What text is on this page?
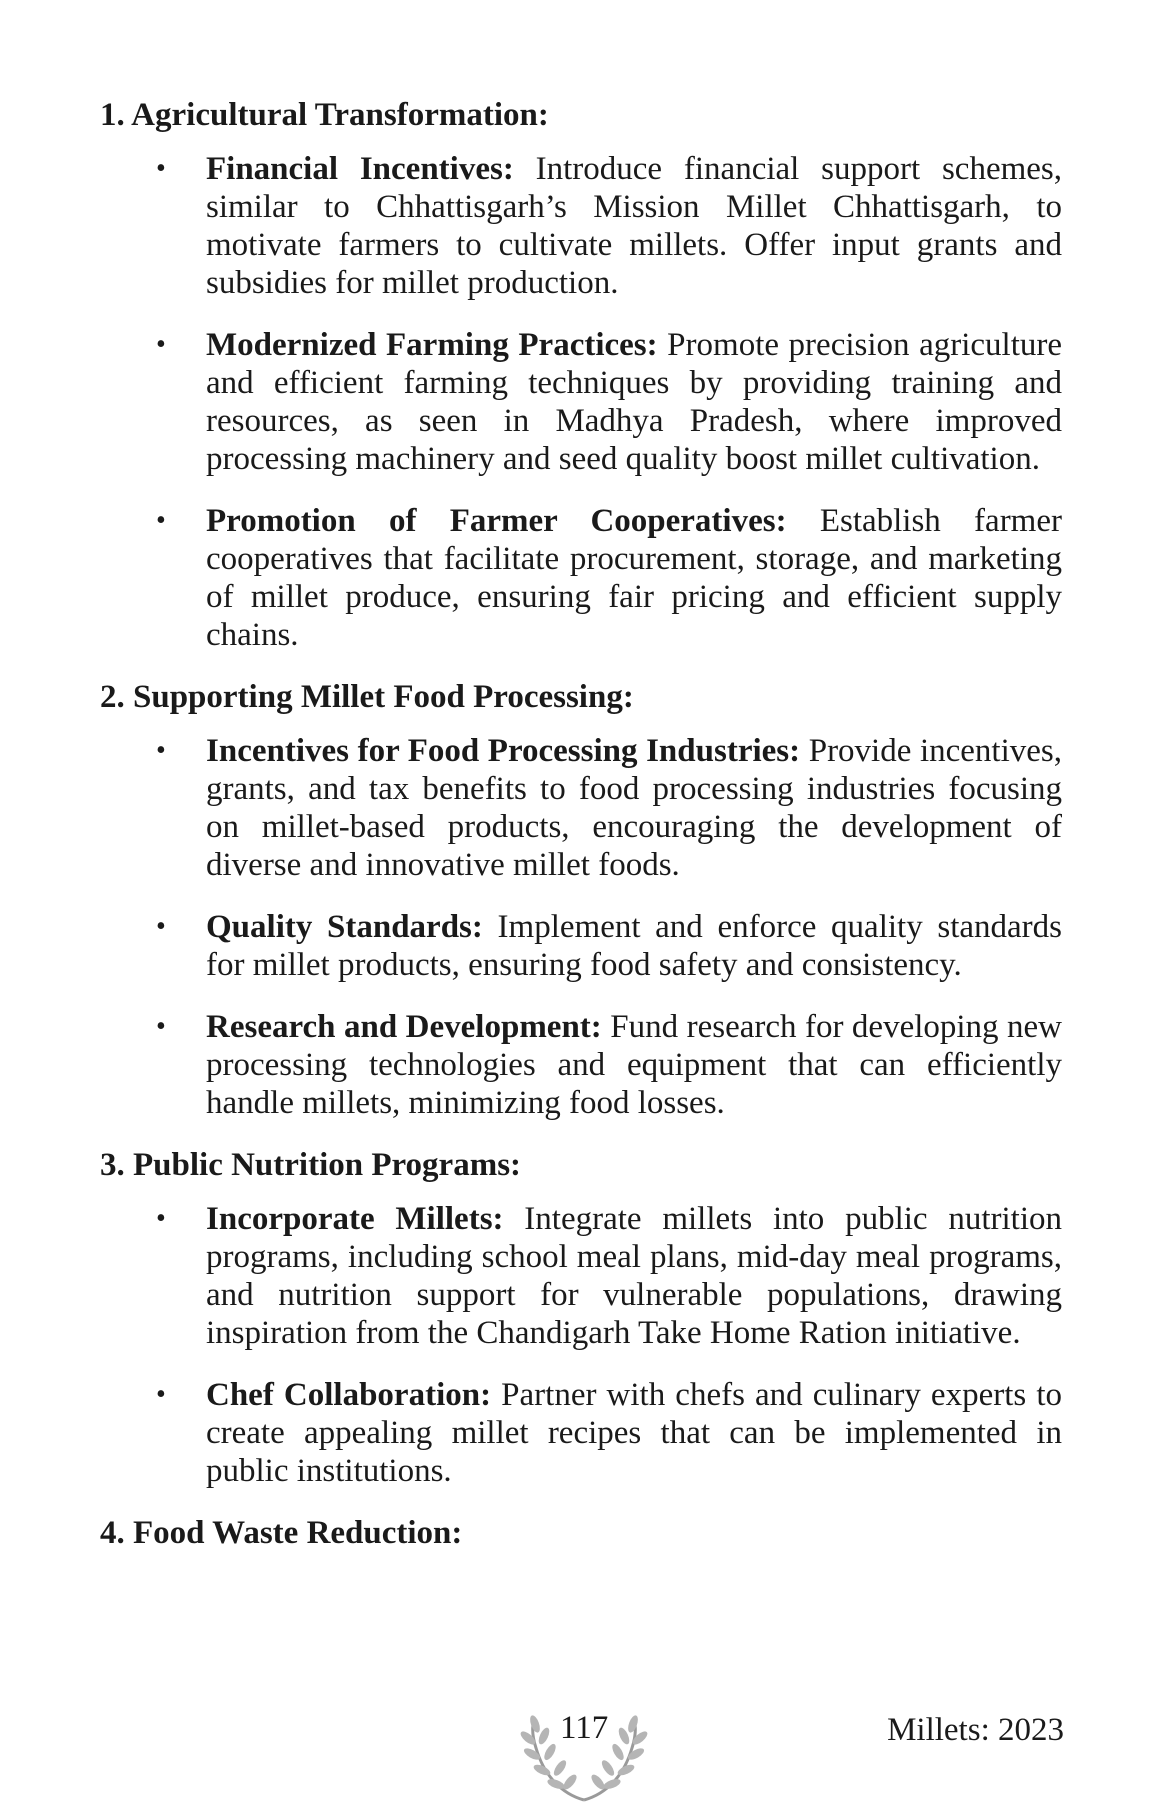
1. Agricultural Transformation:
• Financial Incentives: Introduce financial support schemes, similar to Chhattisgarh’s Mission Millet Chhattisgarh, to motivate farmers to cultivate millets. Offer input grants and subsidies for millet production.
• Modernized Farming Practices: Promote precision agriculture and efficient farming techniques by providing training and resources, as seen in Madhya Pradesh, where improved processing machinery and seed quality boost millet cultivation.
• Promotion of Farmer Cooperatives: Establish farmer cooperatives that facilitate procurement, storage, and marketing of millet produce, ensuring fair pricing and efficient supply chains.
2. Supporting Millet Food Processing:
• Incentives for Food Processing Industries: Provide incentives, grants, and tax benefits to food processing industries focusing on millet-based products, encouraging the development of diverse and innovative millet foods.
• Quality Standards: Implement and enforce quality standards for millet products, ensuring food safety and consistency.
• Research and Development: Fund research for developing new processing technologies and equipment that can efficiently handle millets, minimizing food losses.
3. Public Nutrition Programs:
• Incorporate Millets: Integrate millets into public nutrition programs, including school meal plans, mid-day meal programs, and nutrition support for vulnerable populations, drawing inspiration from the Chandigarh Take Home Ration initiative.
• Chef Collaboration: Partner with chefs and culinary experts to create appealing millet recipes that can be implemented in public institutions.
4. Food Waste Reduction:
117	Millets: 2023
